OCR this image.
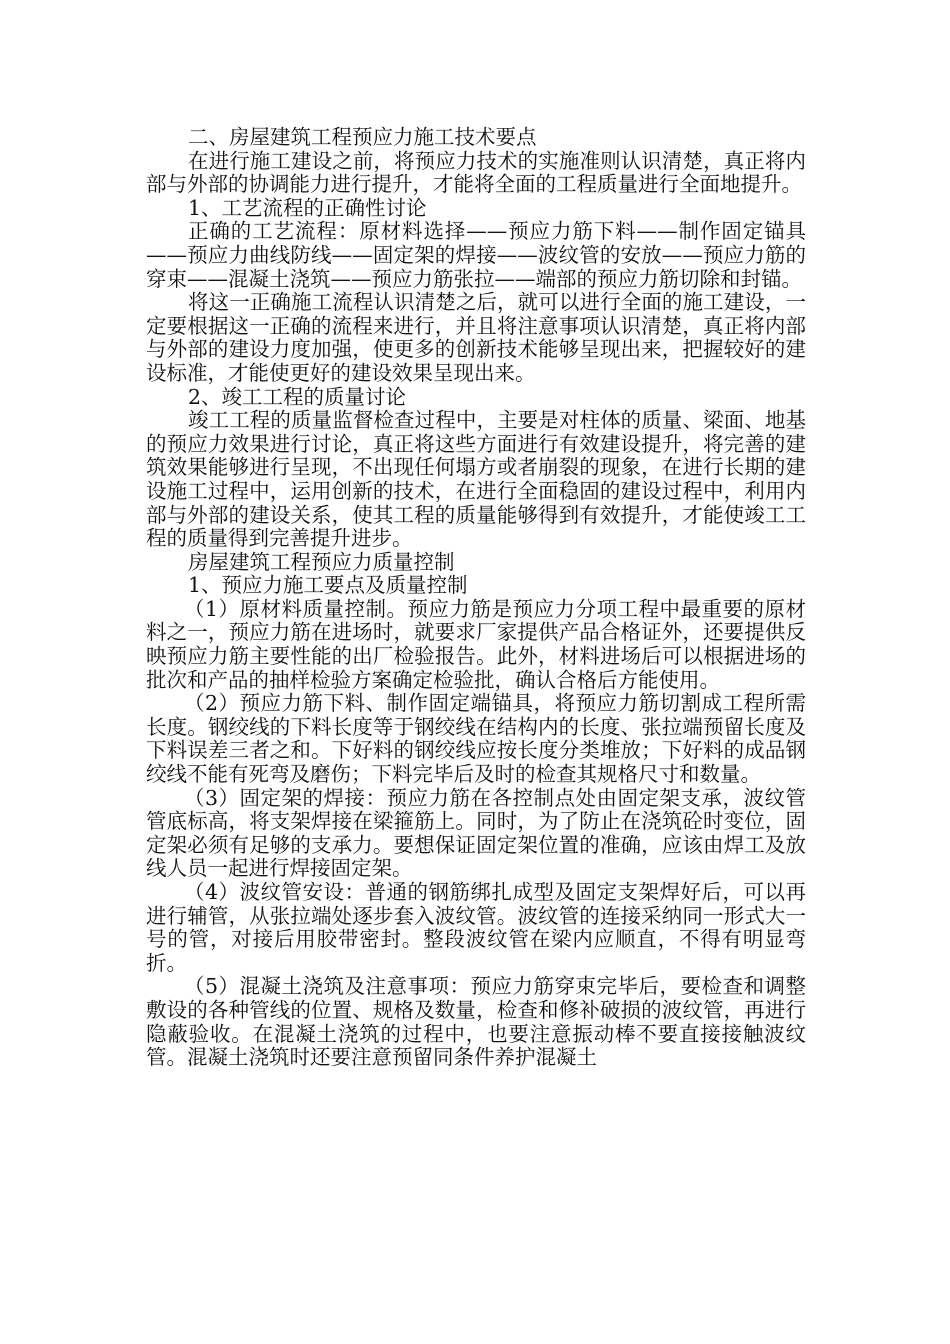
二、房屋建筑工程预应力施工技术要点

在进行施工建设之前，将预应力技术的实施准则认识清楚，真正将内部与外部的协调能力进行提升，才能将全面的工程质量进行全面地提升。

1、工艺流程的正确性讨论

正确的工艺流程：原材料选择——预应力筋下料——制作固定锚具——预应力曲线防线——固定架的焊接——波纹管的安放——预应力筋的穿束——混凝土浇筑——预应力筋张拉——端部的预应力筋切除和封锚。

将这一正确施工流程认识清楚之后，就可以进行全面的施工建设，一定要根据这一正确的流程来进行，并且将注意事项认识清楚，真正将内部与外部的建设力度加强，使更多的创新技术能够呈现出来，把握较好的建设标准，才能使更好的建设效果呈现出来。

2、竣工工程的质量讨论

竣工工程的质量监督检查过程中，主要是对柱体的质量、梁面、地基的预应力效果进行讨论，真正将这些方面进行有效建设提升，将完善的建筑效果能够进行呈现，不出现任何塌方或者崩裂的现象，在进行长期的建设施工过程中，运用创新的技术，在进行全面稳固的建设过程中，利用内部与外部的建设关系，使其工程的质量能够得到有效提升，才能使竣工工程的质量得到完善提升进步。

房屋建筑工程预应力质量控制

1、预应力施工要点及质量控制

（1）原材料质量控制。预应力筋是预应力分项工程中最重要的原材料之一，预应力筋在进场时，就要求厂家提供产品合格证外，还要提供反映预应力筋主要性能的出厂检验报告。此外，材料进场后可以根据进场的批次和产品的抽样检验方案确定检验批，确认合格后方能使用。

（2）预应力筋下料、制作固定端锚具，将预应力筋切割成工程所需长度。钢绞线的下料长度等于钢绞线在结构内的长度、张拉端预留长度及下料误差三者之和。下好料的钢绞线应按长度分类堆放；下好料的成品钢绞线不能有死弯及磨伤；下料完毕后及时的检查其规格尺寸和数量。

（3）固定架的焊接：预应力筋在各控制点处由固定架支承，波纹管管底标高，将支架焊接在梁箍筋上。同时，为了防止在浇筑砼时变位，固定架必须有足够的支承力。要想保证固定架位置的准确，应该由焊工及放线人员一起进行焊接固定架。

（4）波纹管安设：普通的钢筋绑扎成型及固定支架焊好后，可以再进行辅管，从张拉端处逐步套入波纹管。波纹管的连接采纳同一形式大一号的管，对接后用胶带密封。整段波纹管在梁内应顺直，不得有明显弯折。

（5）混凝土浇筑及注意事项：预应力筋穿束完毕后，要检查和调整敷设的各种管线的位置、规格及数量，检查和修补破损的波纹管，再进行隐蔽验收。在混凝土浇筑的过程中，也要注意振动棒不要直接接触波纹管。混凝土浇筑时还要注意预留同条件养护混凝土
